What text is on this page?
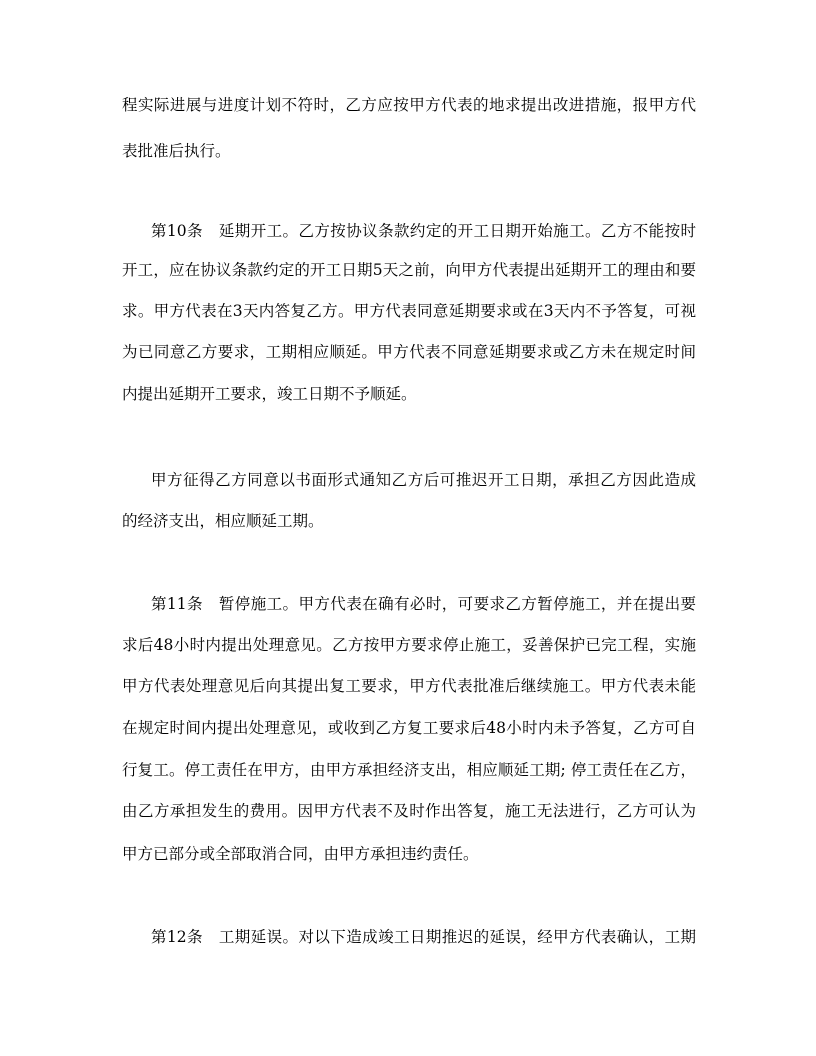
程实际进展与进度计划不符时，乙方应按甲方代表的地求提出改进措施，报甲方代
表批准后执行。
第10条　延期开工。乙方按协议条款约定的开工日期开始施工。乙方不能按时
开工，应在协议条款约定的开工日期5天之前，向甲方代表提出延期开工的理由和要
求。甲方代表在3天内答复乙方。甲方代表同意延期要求或在3天内不予答复，可视
为已同意乙方要求，工期相应顺延。甲方代表不同意延期要求或乙方未在规定时间
内提出延期开工要求，竣工日期不予顺延。
甲方征得乙方同意以书面形式通知乙方后可推迟开工日期，承担乙方因此造成
的经济支出，相应顺延工期。
第11条　暂停施工。甲方代表在确有必时，可要求乙方暂停施工，并在提出要
求后48小时内提出处理意见。乙方按甲方要求停止施工，妥善保护已完工程，实施
甲方代表处理意见后向其提出复工要求，甲方代表批准后继续施工。甲方代表未能
在规定时间内提出处理意见，或收到乙方复工要求后48小时内未予答复，乙方可自
行复工。停工责任在甲方，由甲方承担经济支出，相应顺延工期; 停工责任在乙方，
由乙方承担发生的费用。因甲方代表不及时作出答复，施工无法进行，乙方可认为
甲方已部分或全部取消合同，由甲方承担违约责任。
第12条　工期延误。对以下造成竣工日期推迟的延误，经甲方代表确认，工期
